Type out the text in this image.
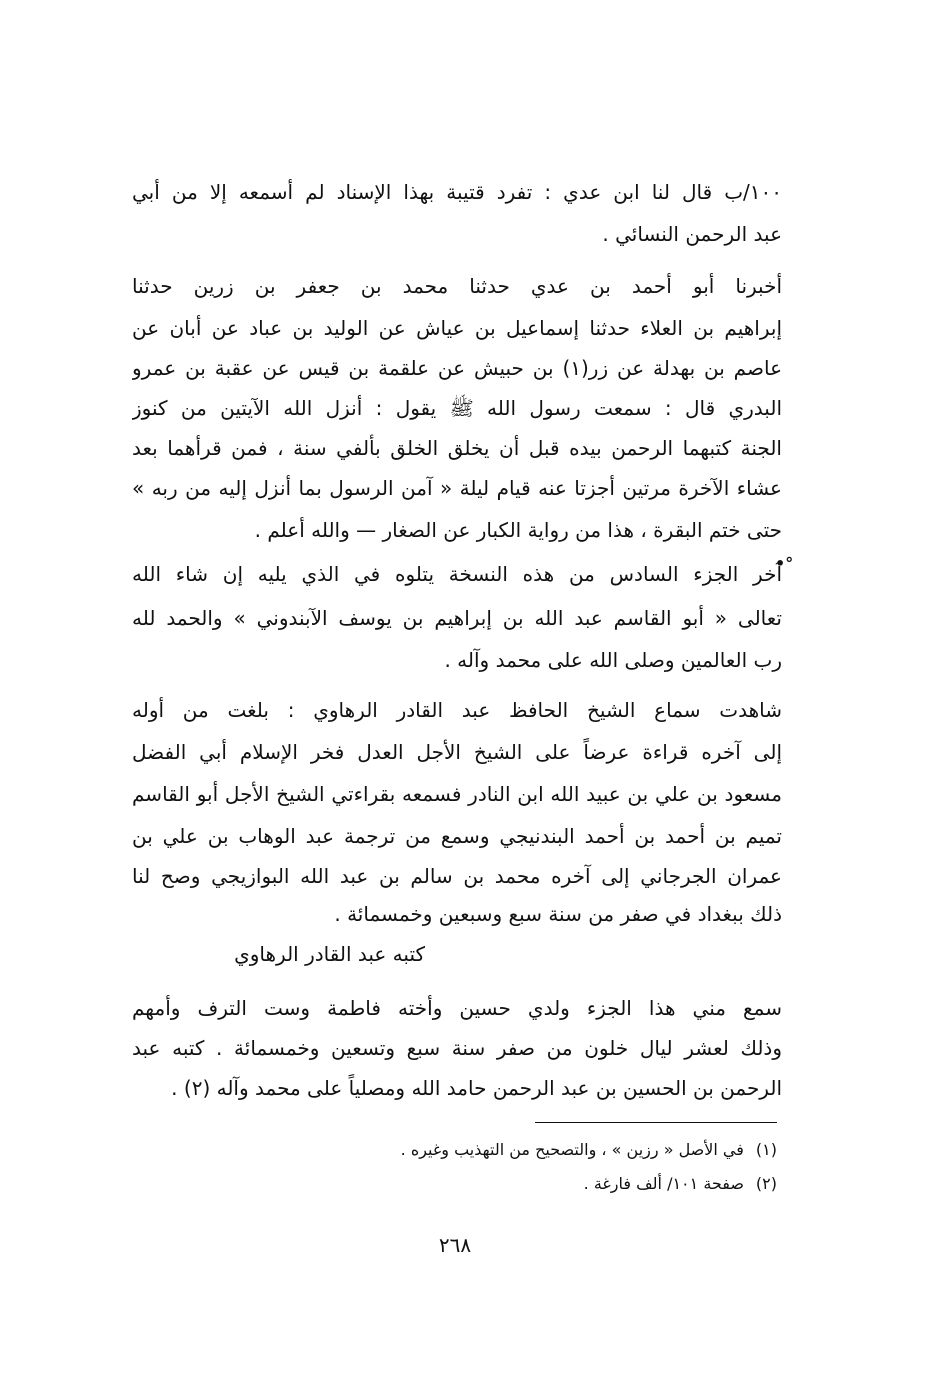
١٠٠/ب قال لنا ابن عدي : تفرد قتيبة بهذا الإسناد لم أسمعه إلا من أبي
عبد الرحمن النسائي .
أخبرنا أبو أحمد بن عدي حدثنا محمد بن جعفر بن زرين حدثنا
إبراهيم بن العلاء حدثنا إسماعيل بن عياش عن الوليد بن عباد عن أبان عن
عاصم بن بهدلة عن زر(١) بن حبيش عن علقمة بن قيس عن عقبة بن عمرو
البدري قال : سمعت رسول الله ﷺ يقول : أنزل الله الآيتين من كنوز
الجنة كتبهما الرحمن بيده قبل أن يخلق الخلق بألفي سنة ، فمن قرأهما بعد
عشاء الآخرة مرتين أجزتا عنه قيام ليلة « آمن الرسول بما أنزل إليه من ربه »
حتى ختم البقرة ، هذا من رواية الكبار عن الصغار — والله أعلم .
•°
آخر الجزء السادس من هذه النسخة يتلوه في الذي يليه إن شاء الله
تعالى « أبو القاسم عبد الله بن إبراهيم بن يوسف الآبندوني » والحمد لله
رب العالمين وصلى الله على محمد وآله .
شاهدت سماع الشيخ الحافظ عبد القادر الرهاوي : بلغت من أوله
إلى آخره قراءة عرضاً على الشيخ الأجل العدل فخر الإسلام أبي الفضل
مسعود بن علي بن عبيد الله ابن النادر فسمعه بقراءتي الشيخ الأجل أبو القاسم
تميم بن أحمد بن أحمد البندنيجي وسمع من ترجمة عبد الوهاب بن علي بن
عمران الجرجاني إلى آخره محمد بن سالم بن عبد الله البوازيجي وصح لنا
ذلك ببغداد في صفر من سنة سبع وسبعين وخمسمائة .
كتبه عبد القادر الرهاوي
سمع مني هذا الجزء ولدي حسين وأخته فاطمة وست الترف وأمهم
وذلك لعشر ليال خلون من صفر سنة سبع وتسعين وخمسمائة . كتبه عبد
الرحمن بن الحسين بن عبد الرحمن حامد الله ومصلياً على محمد وآله (٢) .
(١)في الأصل « رزين » ، والتصحيح من التهذيب وغيره .
(٢)صفحة ١٠١/ ألف فارغة .
٢٦٨
